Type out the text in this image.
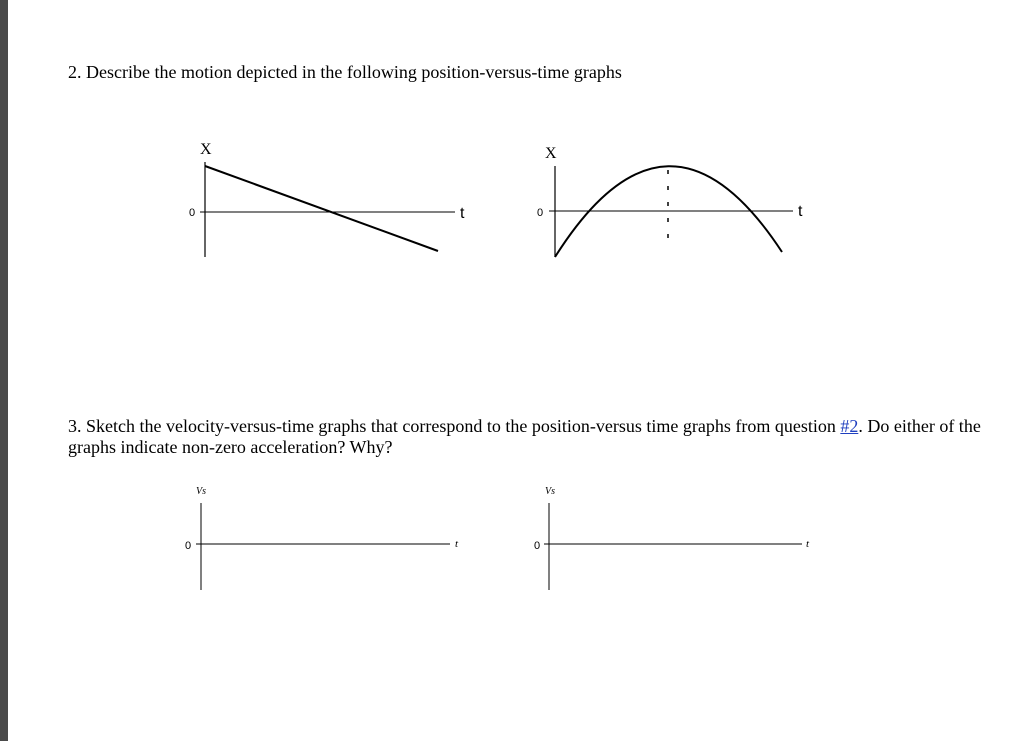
2. Describe the motion depicted in the following position-versus-time graphs
3. Sketch the velocity-versus-time graphs that correspond to the position-versus time graphs from question #2. Do either of the graphs indicate non-zero acceleration? Why?
X
t
0
X
t
0
Vs
t
0
Vs
t
0
